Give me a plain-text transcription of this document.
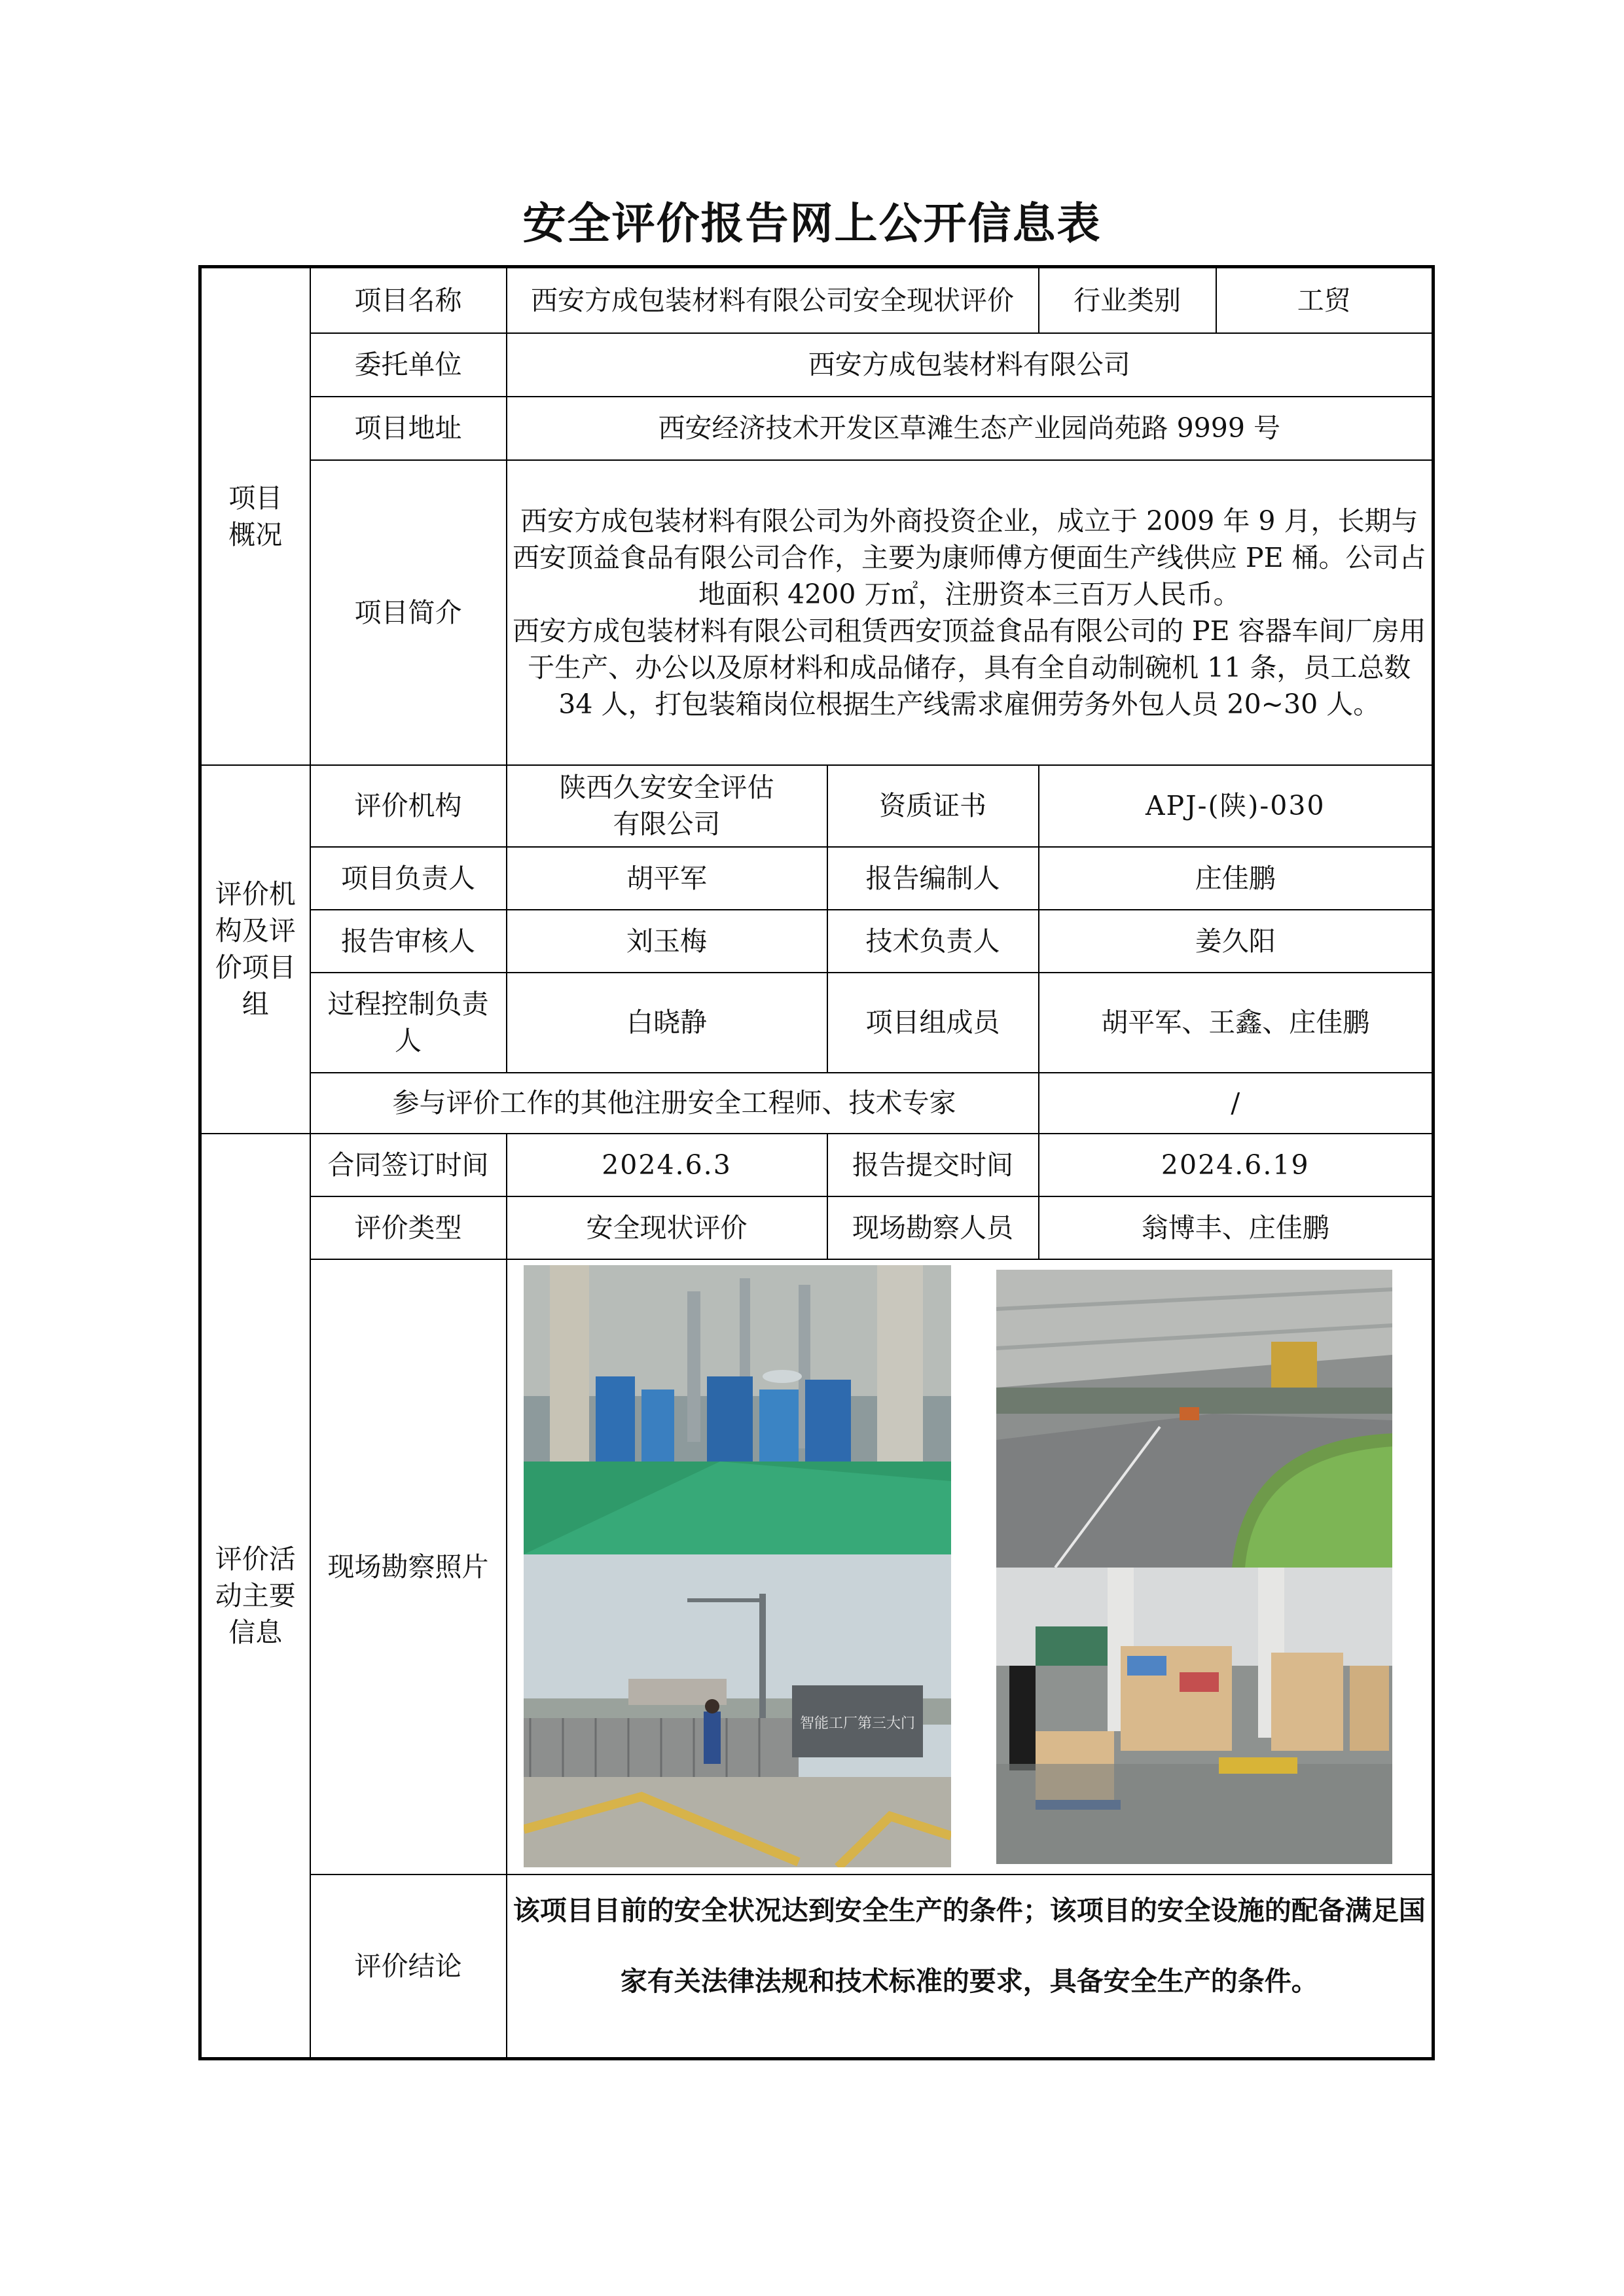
安全评价报告网上公开信息表
项目
概况	项目名称	西安方成包装材料有限公司安全现状评价		行业类别	工贸
	委托单位	西安方成包装材料有限公司			
	项目地址	西安经济技术开发区草滩生态产业园尚苑路 9999 号			
	项目简介	西安方成包装材料有限公司为外商投资企业，成立于 2009 年 9 月，长期与西安顶益食品有限公司合作，主要为康师傅方便面生产线供应 PE 桶。公司占地面积 4200 万㎡，注册资本三百万人民币。

西安方成包装材料有限公司租赁西安顶益食品有限公司的 PE 容器车间厂房用于生产、办公以及原材料和成品储存，具有全自动制碗机 11 条，员工总数 34 人，打包装箱岗位根据生产线需求雇佣劳务外包人员 20~30 人。			

评价机构及评价项目组	评价机构	陕西久安安全评估有限公司	资质证书	APJ-(陕)-030	
	项目负责人	胡平军	报告编制人	庄佳鹏	
	报告审核人	刘玉梅	技术负责人	姜久阳	
	过程控制负责人	白晓静	项目组成员	胡平军、王鑫、庄佳鹏	
	参与评价工作的其他注册安全工程师、技术专家			/	
评价活动主要信息	合同签订时间	2024.6.3	报告提交时间	2024.6.19	
	评价类型	安全现状评价	现场勘察人员	翁博丰、庄佳鹏	
	现场勘察照片	智能工厂第三大门			

	评价结论	该项目目前的安全状况达到安全生产的条件；该项目的安全设施的配备满足国家有关法律法规和技术标准的要求，具备安全生产的条件。			
